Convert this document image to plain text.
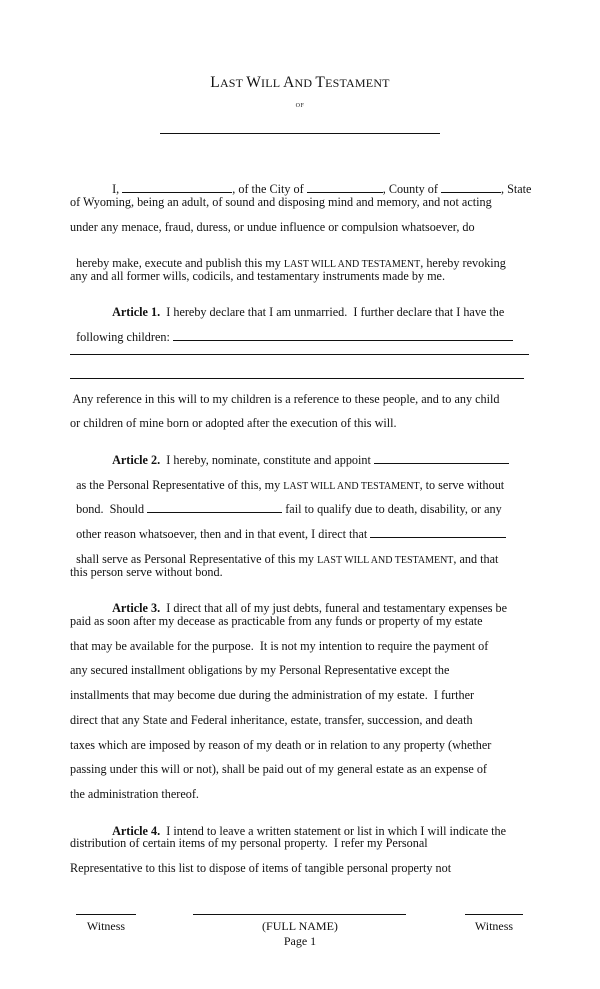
LAST WILL AND TESTAMENT
OF

I,	, of the City of	, County of	, State

of Wyoming, being an adult, of sound and disposing mind and memory, and not acting
under any menace, fraud, duress, or undue influence or compulsion whatsoever, do

hereby make, execute and publish this my LAST WILL AND TESTAMENT, hereby revoking

any and all former wills, codicils, and testamentary instruments made by me.

Article 1.  I hereby declare that I am unmarried.  I further declare that I have the

following children:

Any reference in this will to my children is a reference to these people, and to any child
or children of mine born or adopted after the execution of this will.

Article 2.  I hereby, nominate, constitute and appoint

as the Personal Representative of this, my LAST WILL AND TESTAMENT, to serve without

bond.  Should	fail to qualify due to death, disability, or any

other reason whatsoever, then and in that event, I direct that

shall serve as Personal Representative of this my LAST WILL AND TESTAMENT, and that

this person serve without bond.

Article 3.  I direct that all of my just debts, funeral and testamentary expenses be

paid as soon after my decease as practicable from any funds or property of my estate
that may be available for the purpose.  It is not my intention to require the payment of
any secured installment obligations by my Personal Representative except the
installments that may become due during the administration of my estate.  I further
direct that any State and Federal inheritance, estate, transfer, succession, and death
taxes which are imposed by reason of my death or in relation to any property (whether
passing under this will or not), shall be paid out of my general estate as an expense of
the administration thereof.

Article 4.  I intend to leave a written statement or list in which I will indicate the

distribution of certain items of my personal property.  I refer my Personal
Representative to this list to dispose of items of tangible personal property not
Witness	(FULL NAME)	Witness
Page 1
